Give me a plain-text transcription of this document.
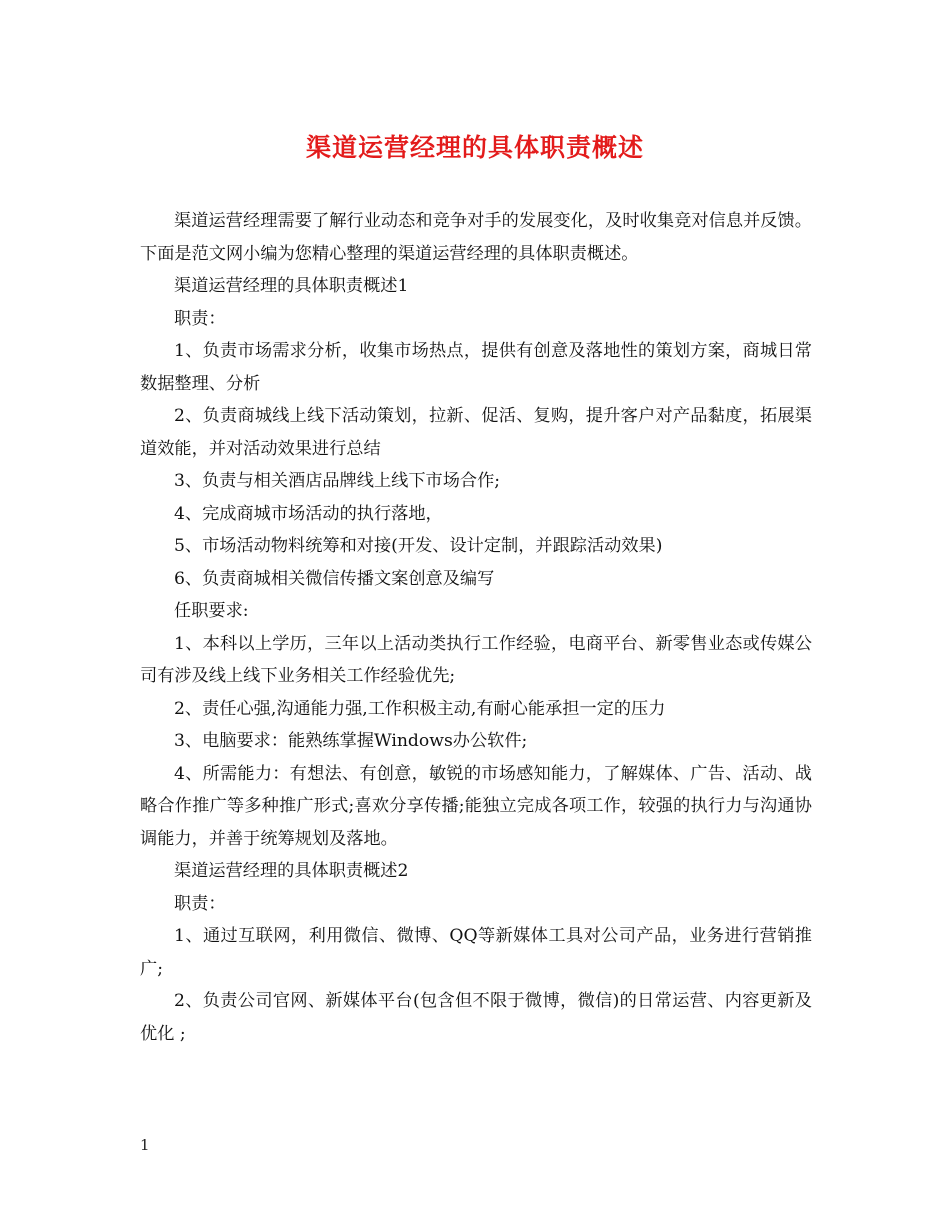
渠道运营经理的具体职责概述

渠道运营经理需要了解行业动态和竞争对手的发展变化，及时收集竞对信息并反馈。下面是范文网小编为您精心整理的渠道运营经理的具体职责概述。

渠道运营经理的具体职责概述1

职责：

1、负责市场需求分析，收集市场热点，提供有创意及落地性的策划方案，商城日常数据整理、分析

2、负责商城线上线下活动策划，拉新、促活、复购，提升客户对产品黏度，拓展渠道效能，并对活动效果进行总结

3、负责与相关酒店品牌线上线下市场合作;

4、完成商城市场活动的执行落地，

5、市场活动物料统筹和对接(开发、设计定制，并跟踪活动效果)

6、负责商城相关微信传播文案创意及编写

任职要求:

1、本科以上学历，三年以上活动类执行工作经验，电商平台、新零售业态或传媒公司有涉及线上线下业务相关工作经验优先;

2、责任心强,沟通能力强,工作积极主动,有耐心能承担一定的压力

3、电脑要求：能熟练掌握Windows办公软件;

4、所需能力：有想法、有创意，敏锐的市场感知能力，了解媒体、广告、活动、战略合作推广等多种推广形式;喜欢分享传播;能独立完成各项工作，较强的执行力与沟通协调能力，并善于统筹规划及落地。

渠道运营经理的具体职责概述2

职责：

1、通过互联网，利用微信、微博、QQ等新媒体工具对公司产品，业务进行营销推广;

2、负责公司官网、新媒体平台(包含但不限于微博，微信)的日常运营、内容更新及优化 ;

1
